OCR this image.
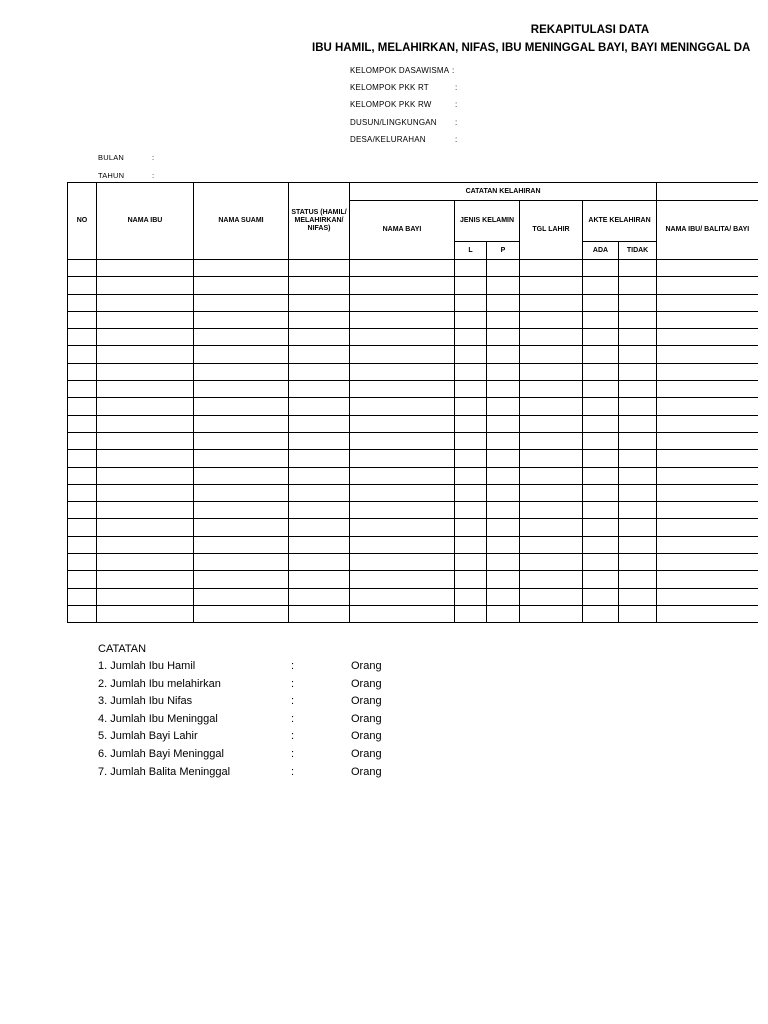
REKAPITULASI DATA
IBU HAMIL, MELAHIRKAN, NIFAS, IBU MENINGGAL BAYI, BAYI MENINGGAL DA
KELOMPOK DASAWISMA :
KELOMPOK PKK RT	:
KELOMPOK PKK RW	:
DUSUN/LINGKUNGAN :
DESA/KELURAHAN	:
BULAN	:
TAHUN	:
NO	NAMA IBU	NAMA SUAMI	STATUS (HAMIL/ MELAHIRKAN/ NIFAS)	CATATAN KELAHIRAN						
				NAMA BAYI	JENIS KELAMIN		TGL LAHIR	AKTE KELAHIRAN		NAMA IBU/ BALITA/ BAYI
					L	P		ADA	TIDAK	

CATATAN
1. Jumlah Ibu Hamil	:	Orang
2. Jumlah Ibu melahirkan	:	Orang
3. Jumlah Ibu Nifas	:	Orang
4. Jumlah Ibu Meninggal	:	Orang
5. Jumlah Bayi Lahir	:	Orang
6. Jumlah Bayi Meninggal	:	Orang
7. Jumlah Balita Meninggal	:	Orang
